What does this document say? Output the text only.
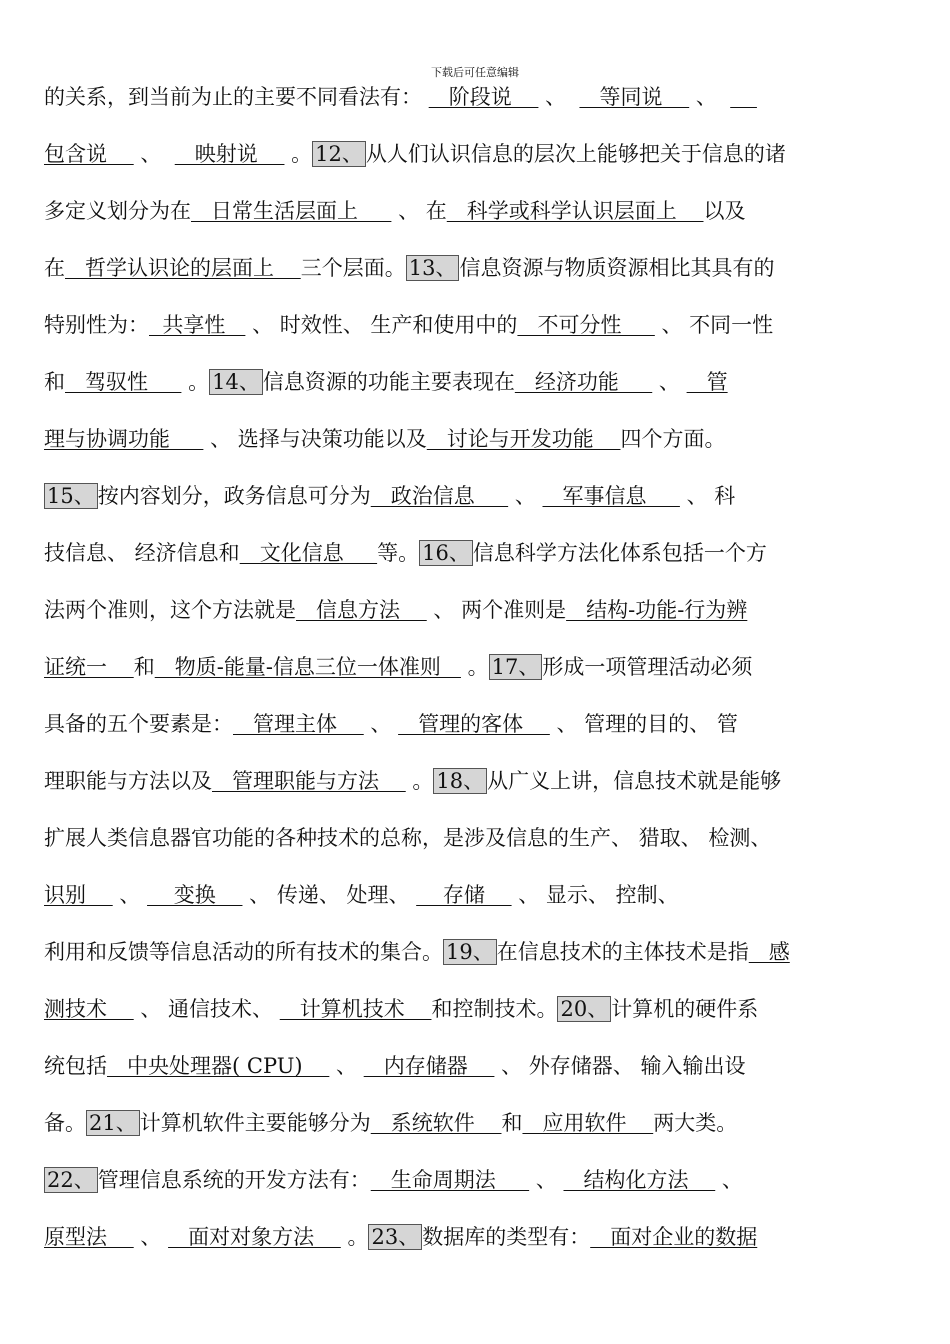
下载后可任意编辑
的关系，到当前为止的主要不同看法有：    阶段说     、     等同说     、
包含说     、     映射说     。 12、 从人们认识信息的层次上能够把关于信息的诸
多定义划分为在   日常生活层面上      、 在   科学或科学认识层面上    以及
在   哲学认识论的层面上    三个层面。 13、 信息资源与物质资源相比其具有的
特别性为：  共享性    、 时效性、 生产和使用中的   不可分性      、 不同一性
和   驾驭性      。 14、 信息资源的功能主要表现在   经济功能      、    管
理与协调功能      、 选择与决策功能以及   讨论与开发功能    四个方面。
15、 按内容划分，政务信息可分为   政治信息      、    军事信息      、 科
技信息、 经济信息和   文化信息     等。 16、 信息科学方法化体系包括一个方
法两个准则，这个方法就是   信息方法     、 两个准则是   结构-功能-行为辨
证统一    和   物质-能量-信息三位一体准则    。 17、 形成一项管理活动必须
具备的五个要素是：   管理主体     、    管理的客体     、 管理的目的、 管
理职能与方法以及   管理职能与方法     。 18、 从广义上讲，信息技术就是能够
扩展人类信息器官功能的各种技术的总称，是涉及信息的生产、 猎取、 检测、
识别     、     变换     、 传递、 处理、     存储     、 显示、 控制、
利用和反馈等信息活动的所有技术的集合。 19、 在信息技术的主体技术是指   感
测技术     、 通信技术、    计算机技术    和控制技术。 20、 计算机的硬件系
统包括   中央处理器( CPU)     、    内存储器     、 外存储器、 输入输出设
备。 21、 计算机软件主要能够分为   系统软件    和   应用软件    两大类。
22、 管理信息系统的开发方法有：   生命周期法      、    结构化方法     、
原型法     、    面对对象方法     。 23、 数据库的类型有：   面对企业的数据
